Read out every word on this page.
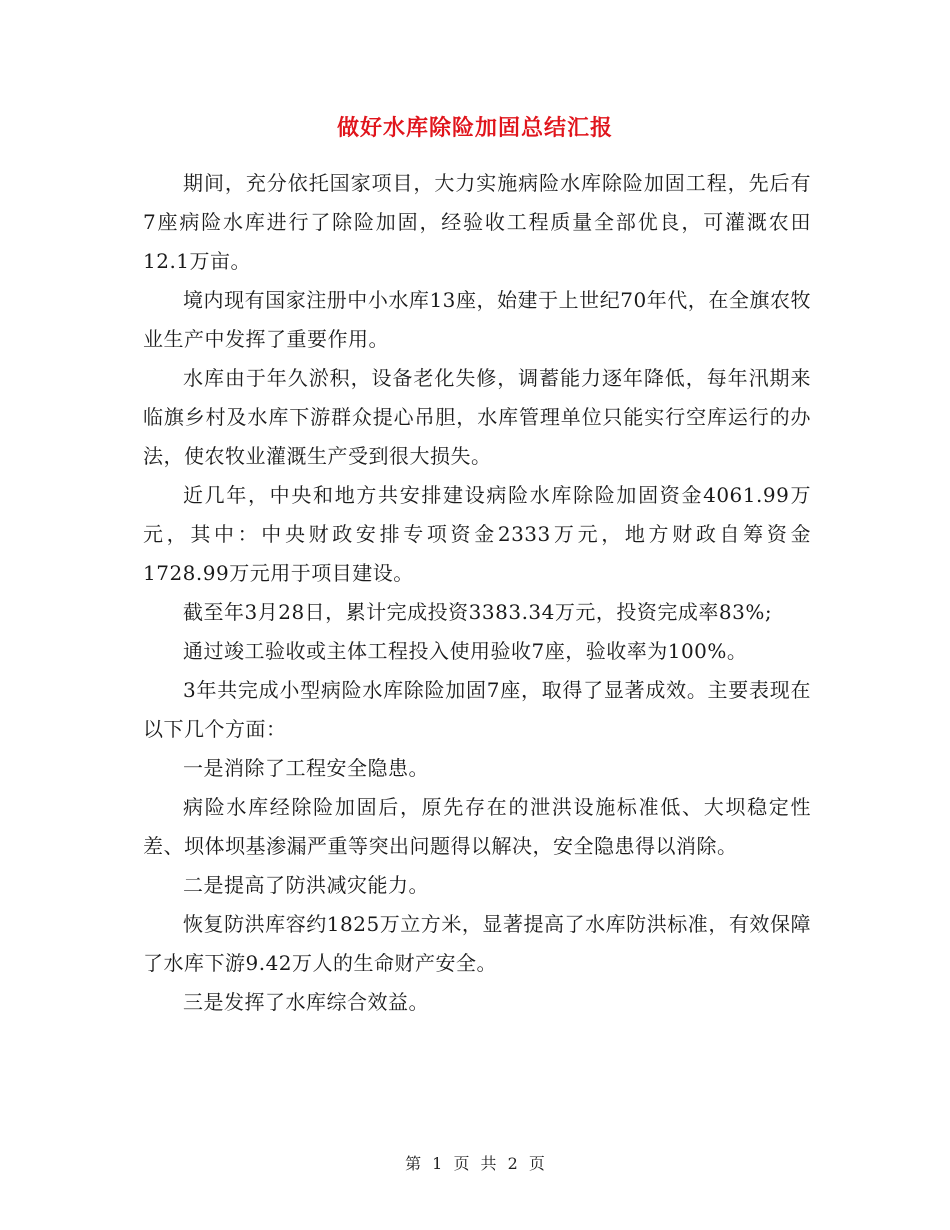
做好水库除险加固总结汇报

期间，充分依托国家项目，大力实施病险水库除险加固工程，先后有7座病险水库进行了除险加固，经验收工程质量全部优良，可灌溉农田12.1万亩。

境内现有国家注册中小水库13座，始建于上世纪70年代，在全旗农牧业生产中发挥了重要作用。

水库由于年久淤积，设备老化失修，调蓄能力逐年降低，每年汛期来临旗乡村及水库下游群众提心吊胆，水库管理单位只能实行空库运行的办法，使农牧业灌溉生产受到很大损失。

近几年，中央和地方共安排建设病险水库除险加固资金4061.99万元，其中：中央财政安排专项资金2333万元，地方财政自筹资金1728.99万元用于项目建设。

截至年3月28日，累计完成投资3383.34万元，投资完成率83%;

通过竣工验收或主体工程投入使用验收7座，验收率为100%。

3年共完成小型病险水库除险加固7座，取得了显著成效。主要表现在以下几个方面：

一是消除了工程安全隐患。

病险水库经除险加固后，原先存在的泄洪设施标准低、大坝稳定性差、坝体坝基渗漏严重等突出问题得以解决，安全隐患得以消除。

二是提高了防洪减灾能力。

恢复防洪库容约1825万立方米，显著提高了水库防洪标准，有效保障了水库下游9.42万人的生命财产安全。

三是发挥了水库综合效益。

第 1 页 共 2 页
